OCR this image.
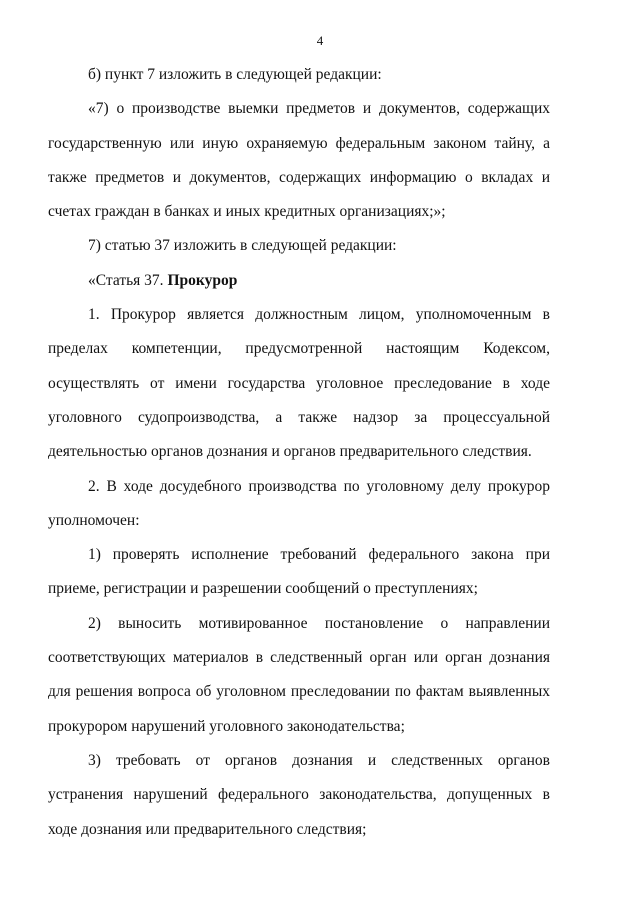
4

б) пункт 7 изложить в следующей редакции:

«7) о производстве выемки предметов и документов, содержащих государственную или иную охраняемую федеральным законом тайну, а также предметов и документов, содержащих информацию о вкладах и счетах граждан в банках и иных кредитных организациях;»;

7) статью 37 изложить в следующей редакции:

«Статья 37. Прокурор

1. Прокурор является должностным лицом, уполномоченным в пределах компетенции, предусмотренной настоящим Кодексом, осуществлять от имени государства уголовное преследование в ходе уголовного судопроизводства, а также надзор за процессуальной деятельностью органов дознания и органов предварительного следствия.

2. В ходе досудебного производства по уголовному делу прокурор уполномочен:

1) проверять исполнение требований федерального закона при приеме, регистрации и разрешении сообщений о преступлениях;

2) выносить мотивированное постановление о направлении соответствующих материалов в следственный орган или орган дознания для решения вопроса об уголовном преследовании по фактам выявленных прокурором нарушений уголовного законодательства;

3) требовать от органов дознания и следственных органов устранения нарушений федерального законодательства, допущенных в ходе дознания или предварительного следствия;
